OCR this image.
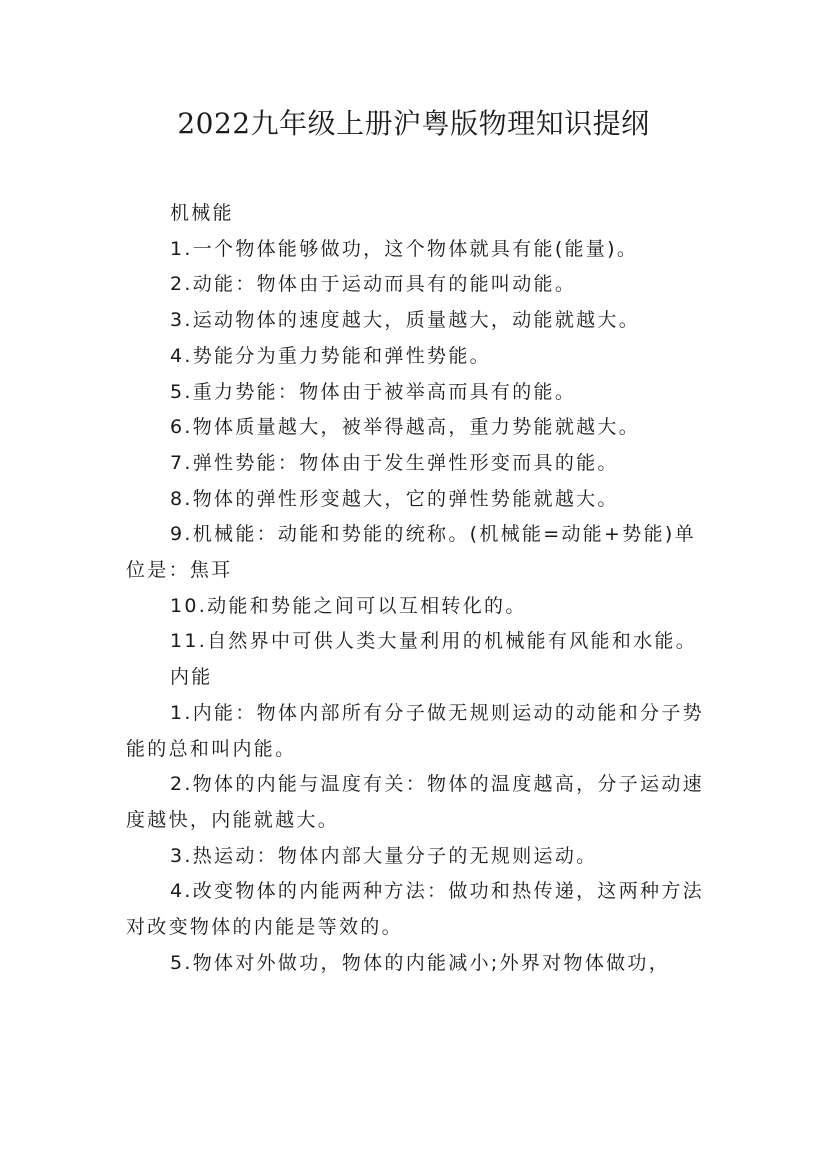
2022九年级上册沪粤版物理知识提纲

机械能

1.一个物体能够做功，这个物体就具有能(能量)。

2.动能：物体由于运动而具有的能叫动能。

3.运动物体的速度越大，质量越大，动能就越大。

4.势能分为重力势能和弹性势能。

5.重力势能：物体由于被举高而具有的能。

6.物体质量越大，被举得越高，重力势能就越大。

7.弹性势能：物体由于发生弹性形变而具的能。

8.物体的弹性形变越大，它的弹性势能就越大。

9.机械能：动能和势能的统称。(机械能=动能+势能)单位是：焦耳

10.动能和势能之间可以互相转化的。

11.自然界中可供人类大量利用的机械能有风能和水能。

内能

1.内能：物体内部所有分子做无规则运动的动能和分子势能的总和叫内能。

2.物体的内能与温度有关：物体的温度越高，分子运动速度越快，内能就越大。

3.热运动：物体内部大量分子的无规则运动。

4.改变物体的内能两种方法：做功和热传递，这两种方法对改变物体的内能是等效的。

5.物体对外做功，物体的内能减小;外界对物体做功，
